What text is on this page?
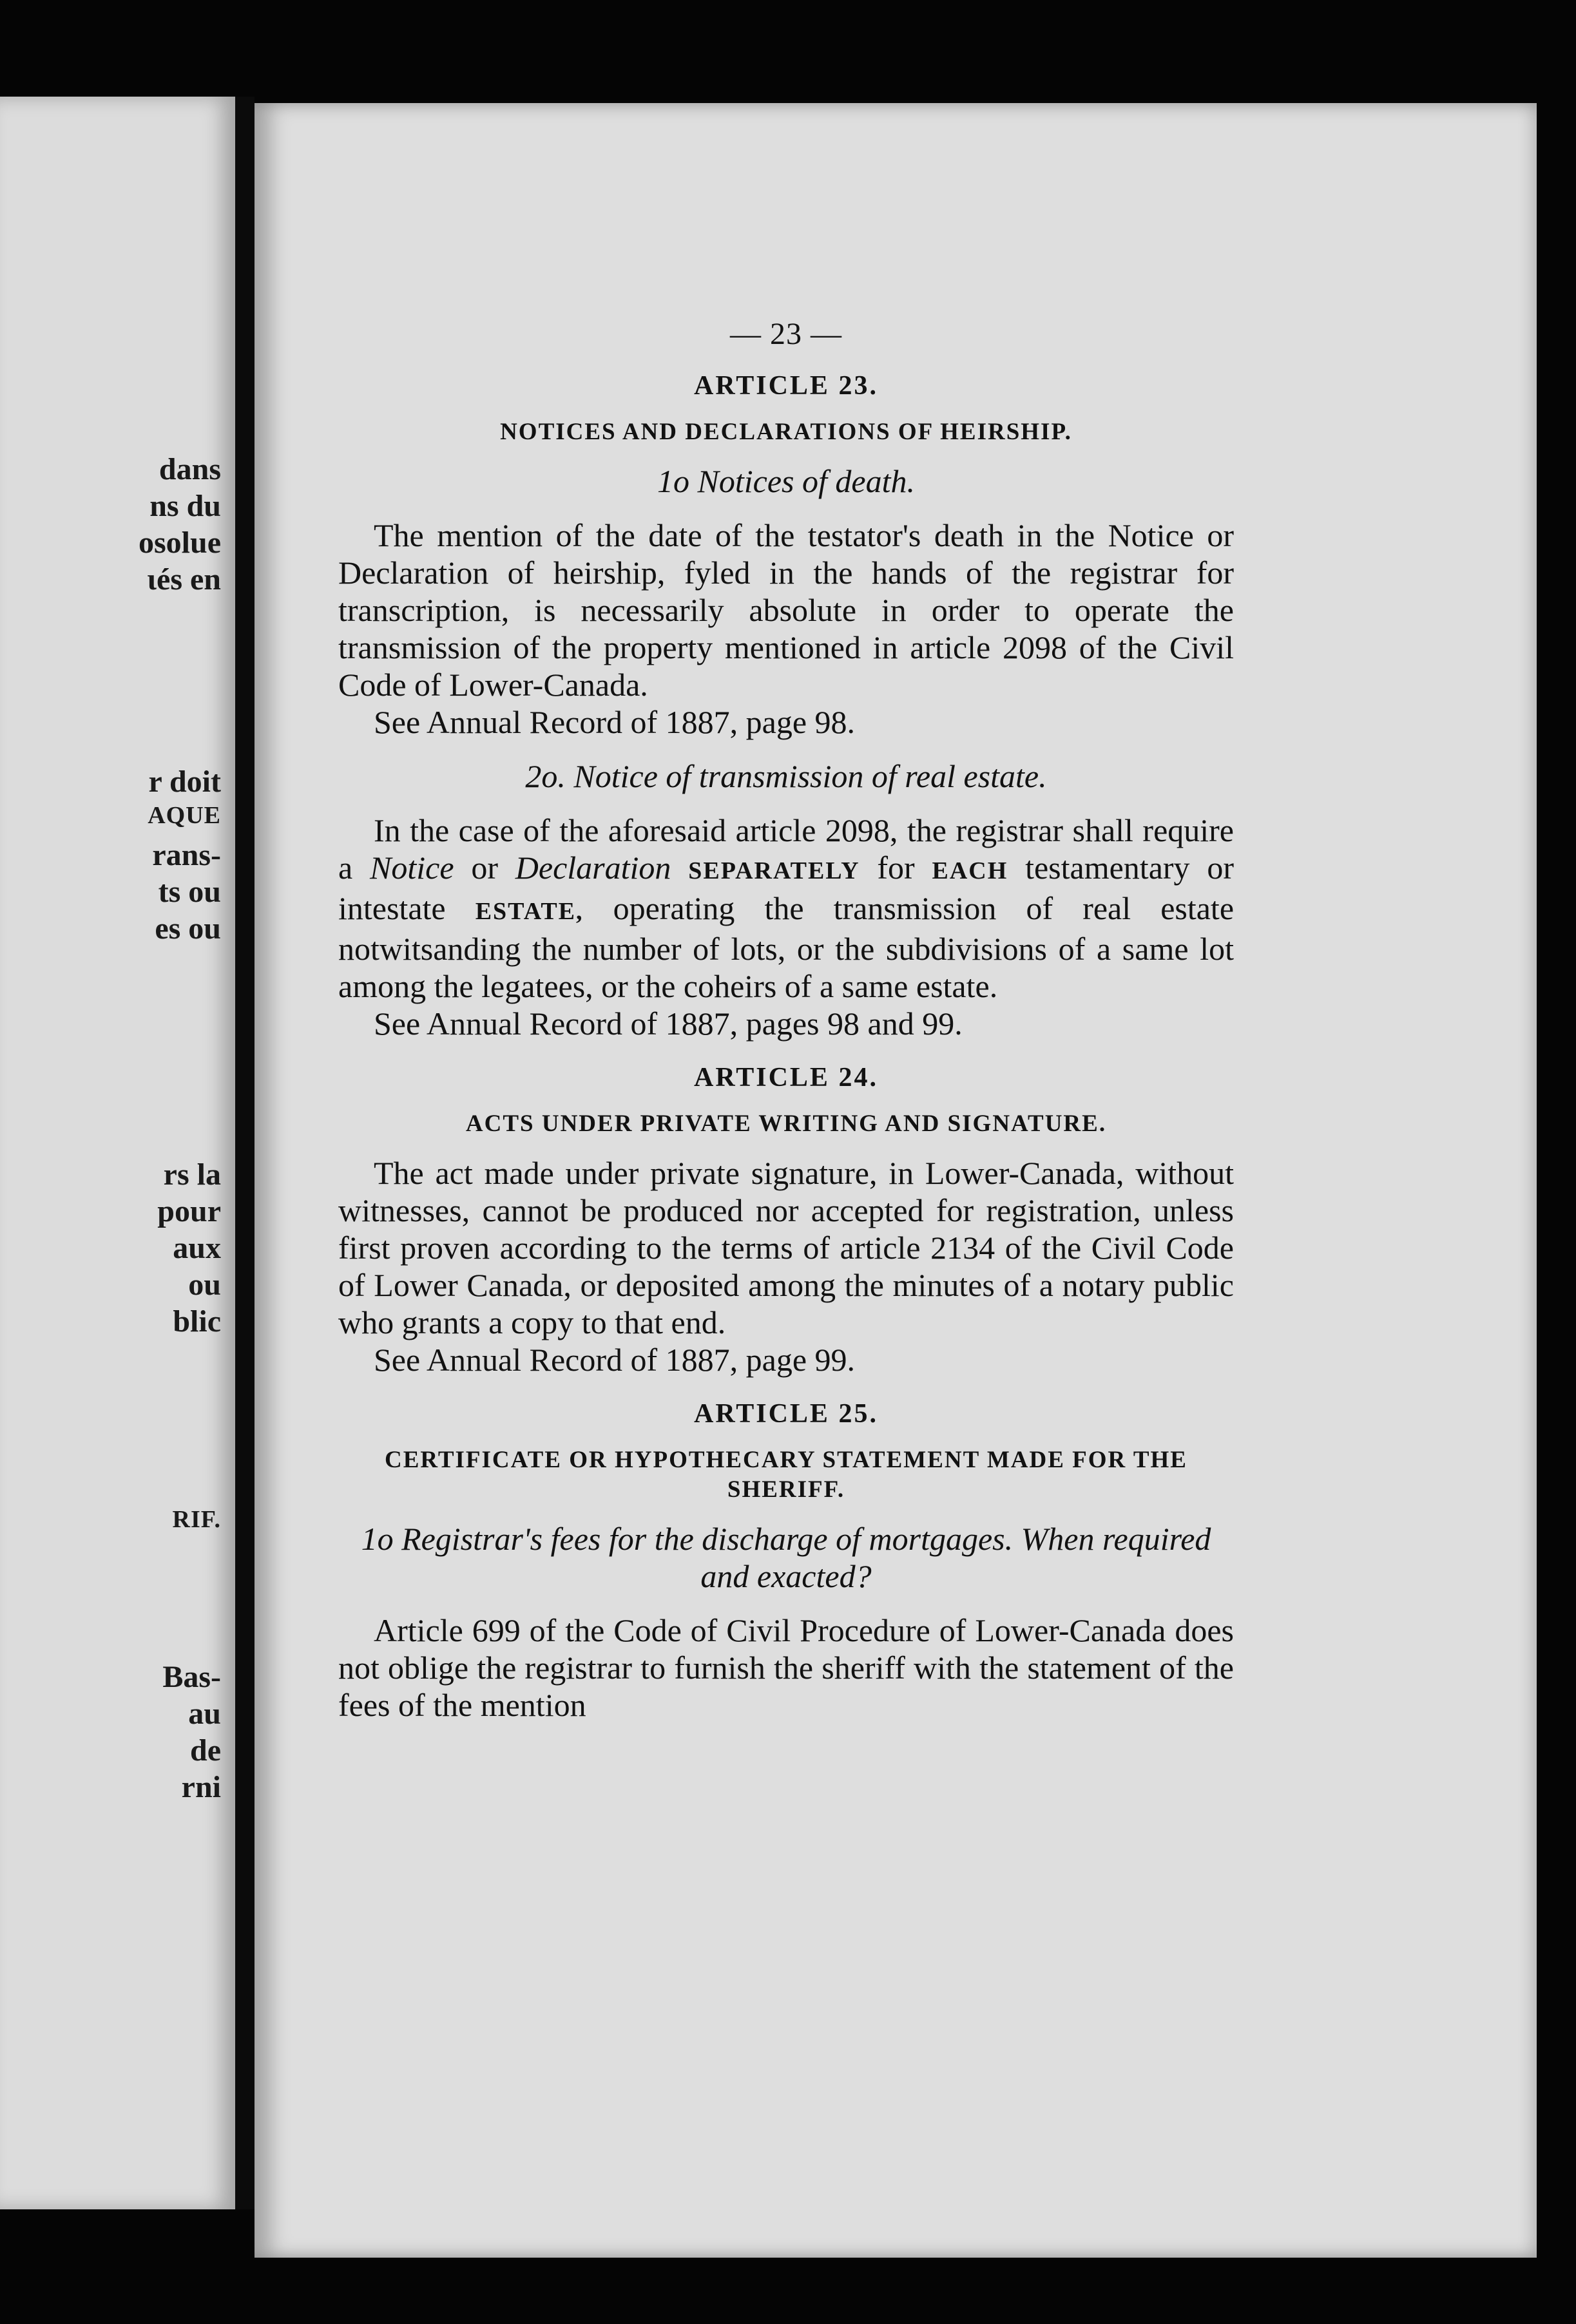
dans
ns du
osolue
ιés en
r doit
AQUE
rans-
ts ou
es ou
rs la
pour
aux
ou
blic
RIF.
Bas-
au
de
rni
— 23 —
ARTICLE 23.
NOTICES AND DECLARATIONS OF HEIRSHIP.
1o Notices of death.

The mention of the date of the testator's death in the Notice or Declaration of heirship, fyled in the hands of the registrar for transcription, is necessarily absolute in order to operate the transmission of the property mentioned in article 2098 of the Civil Code of Lower-Canada.

See Annual Record of 1887, page 98.

2o. Notice of transmission of real estate.

In the case of the aforesaid article 2098, the registrar shall require a Notice or Declaration SEPARATELY for EACH testamentary or intestate ESTATE, operating the transmission of real estate notwitsanding the number of lots, or the subdivisions of a same lot among the legatees, or the coheirs of a same estate.

See Annual Record of 1887, pages 98 and 99.

ARTICLE 24.
ACTS UNDER PRIVATE WRITING AND SIGNATURE.

The act made under private signature, in Lower-Canada, without witnesses, cannot be produced nor accepted for registration, unless first proven according to the terms of article 2134 of the Civil Code of Lower Canada, or deposited among the minutes of a notary public who grants a copy to that end.

See Annual Record of 1887, page 99.

ARTICLE 25.
CERTIFICATE OR HYPOTHECARY STATEMENT MADE FOR THE SHERIFF.
1o Registrar's fees for the discharge of mortgages. When required and exacted?

Article 699 of the Code of Civil Procedure of Lower-Canada does not oblige the registrar to furnish the sheriff with the statement of the fees of the mention
